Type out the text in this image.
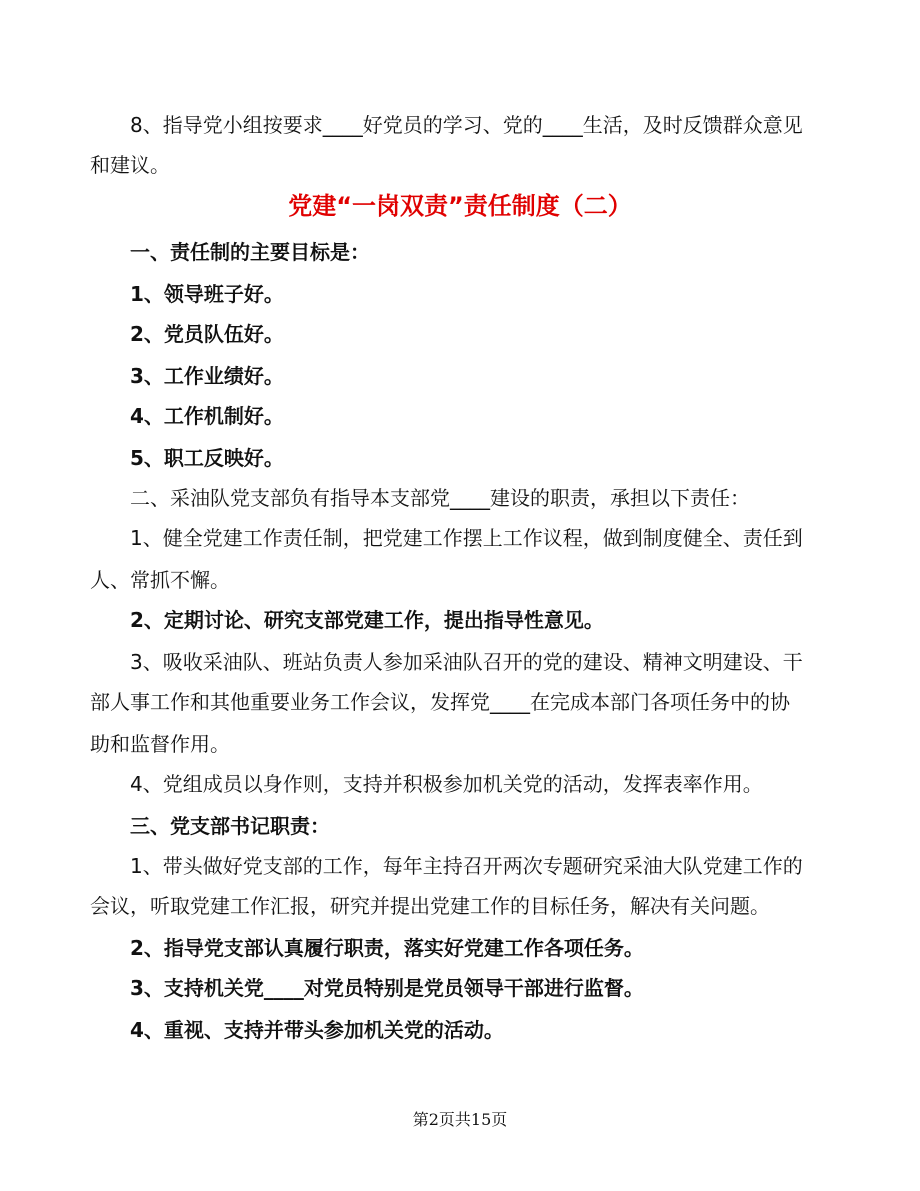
8、指导党小组按要求____好党员的学习、党的____生活，及时反馈群众意见
和建议。
党建“一岗双责”责任制度（二）
一、责任制的主要目标是：
1、领导班子好。
2、党员队伍好。
3、工作业绩好。
4、工作机制好。
5、职工反映好。
二、采油队党支部负有指导本支部党____建设的职责，承担以下责任：
1、健全党建工作责任制，把党建工作摆上工作议程，做到制度健全、责任到
人、常抓不懈。
2、定期讨论、研究支部党建工作，提出指导性意见。
3、吸收采油队、班站负责人参加采油队召开的党的建设、精神文明建设、干
部人事工作和其他重要业务工作会议，发挥党____在完成本部门各项任务中的协
助和监督作用。
4、党组成员以身作则，支持并积极参加机关党的活动，发挥表率作用。
三、党支部书记职责：
1、带头做好党支部的工作，每年主持召开两次专题研究采油大队党建工作的
会议，听取党建工作汇报，研究并提出党建工作的目标任务，解决有关问题。
2、指导党支部认真履行职责，落实好党建工作各项任务。
3、支持机关党____对党员特别是党员领导干部进行监督。
4、重视、支持并带头参加机关党的活动。
第2页共15页
